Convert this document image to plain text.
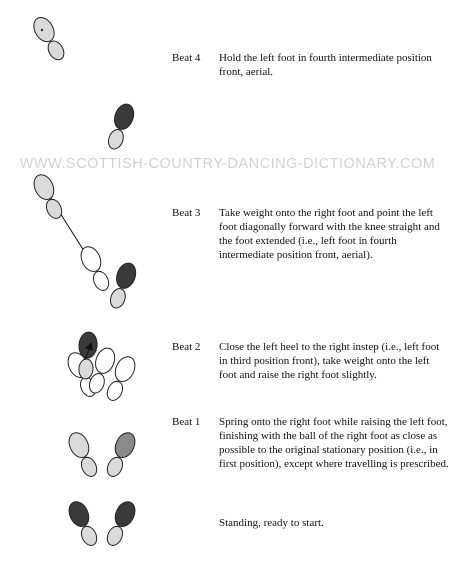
WWW.SCOTTISH-COUNTRY-DANCING-DICTIONARY.COM
Beat 4 Hold the left foot in fourth intermediate position front, aerial.
Beat 3 Take weight onto the right foot and point the left foot diagonally forward with the knee straight and the foot extended (i.e., left foot in fourth intermediate position front, aerial).
Beat 2 Close the left heel to the right instep (i.e., left foot in third position front), take weight onto the left foot and raise the right foot slightly.
Beat 1 Spring onto the right foot while raising the left foot, finishing with the ball of the right foot as close as possible to the original stationary position (i.e., in first position), except where travelling is prescribed.
Standing, ready to start.
